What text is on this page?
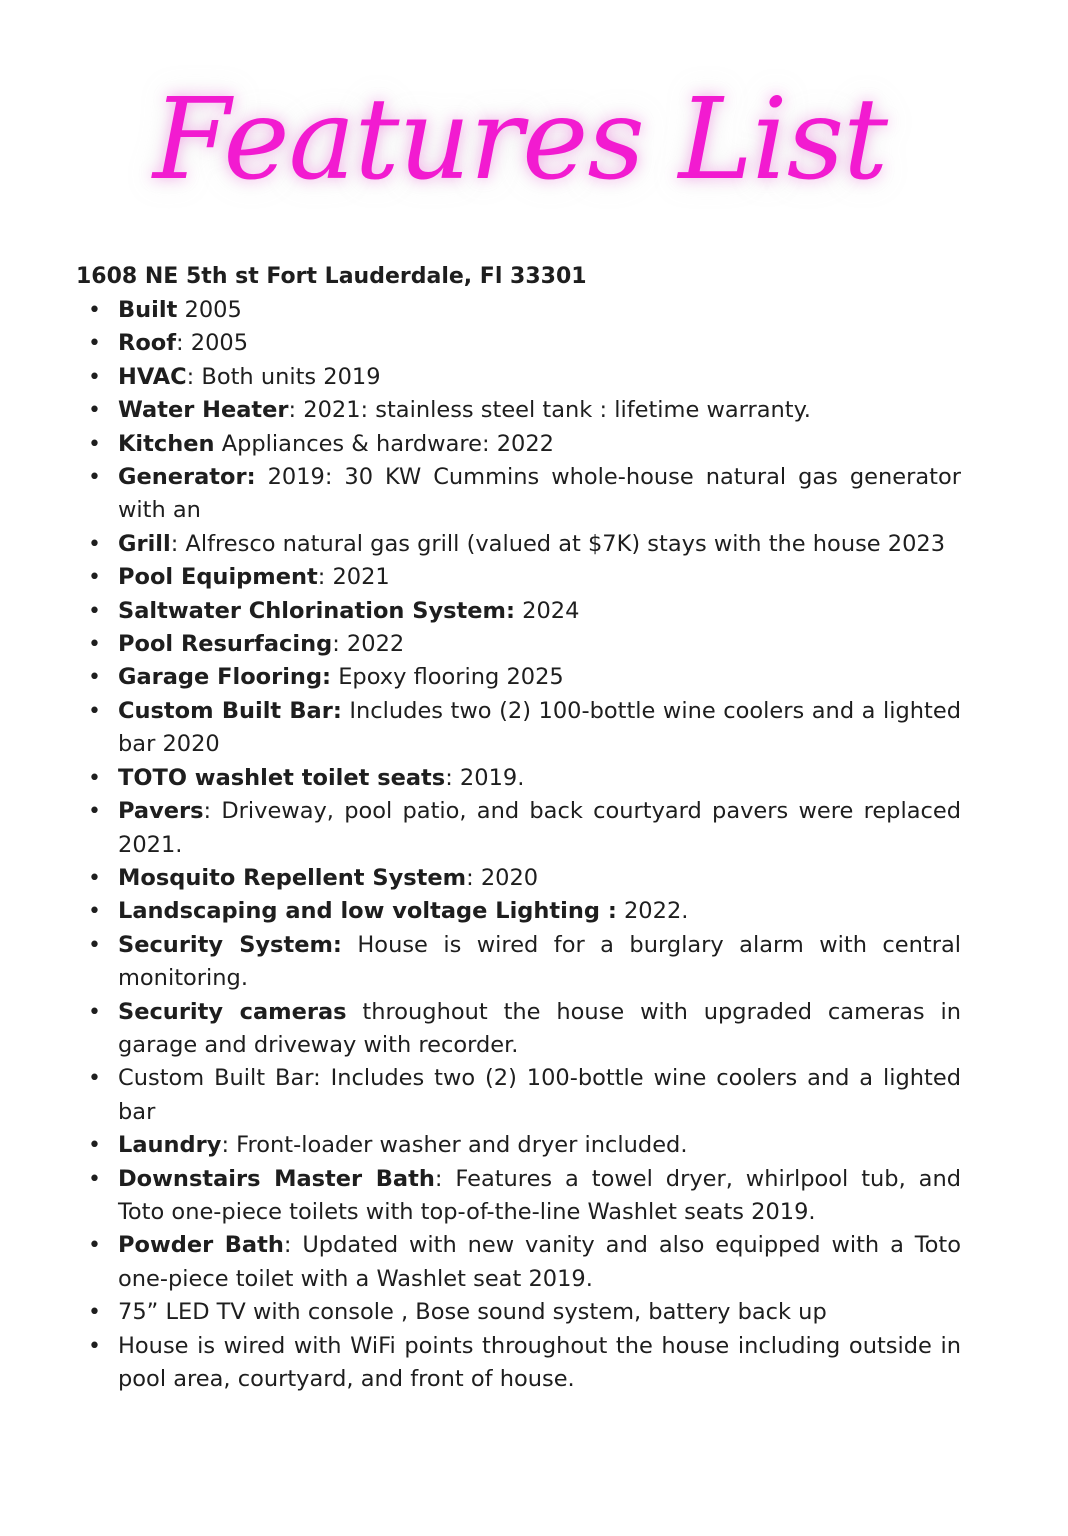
Features List
1608 NE 5th st Fort Lauderdale, Fl 33301
• Built 2005
• Roof: 2005
• HVAC: Both units 2019
• Water Heater: 2021: stainless steel tank : lifetime warranty.
• Kitchen Appliances & hardware: 2022
• Generator: 2019: 30 KW Cummins whole-house natural gas generator with an
• Grill: Alfresco natural gas grill (valued at $7K) stays with the house 2023
• Pool Equipment: 2021
• Saltwater Chlorination System: 2024
• Pool Resurfacing: 2022
• Garage Flooring: Epoxy flooring 2025
• Custom Built Bar: Includes two (2) 100-bottle wine coolers and a lighted bar 2020
• TOTO washlet toilet seats: 2019.
• Pavers: Driveway, pool patio, and back courtyard pavers were replaced 2021.
• Mosquito Repellent System: 2020
• Landscaping and low voltage Lighting : 2022.
• Security System: House is wired for a burglary alarm with central monitoring.
• Security cameras throughout the house with upgraded cameras in garage and driveway with recorder.
• Custom Built Bar: Includes two (2) 100-bottle wine coolers and a lighted bar
• Laundry: Front-loader washer and dryer included.
• Downstairs Master Bath: Features a towel dryer, whirlpool tub, and Toto one-piece toilets with top-of-the-line Washlet seats 2019.
• Powder Bath: Updated with new vanity and also equipped with a Toto one-piece toilet with a Washlet seat 2019.
• 75” LED TV with console , Bose sound system, battery back up
• House is wired with WiFi points throughout the house including outside in pool area, courtyard, and front of house.
